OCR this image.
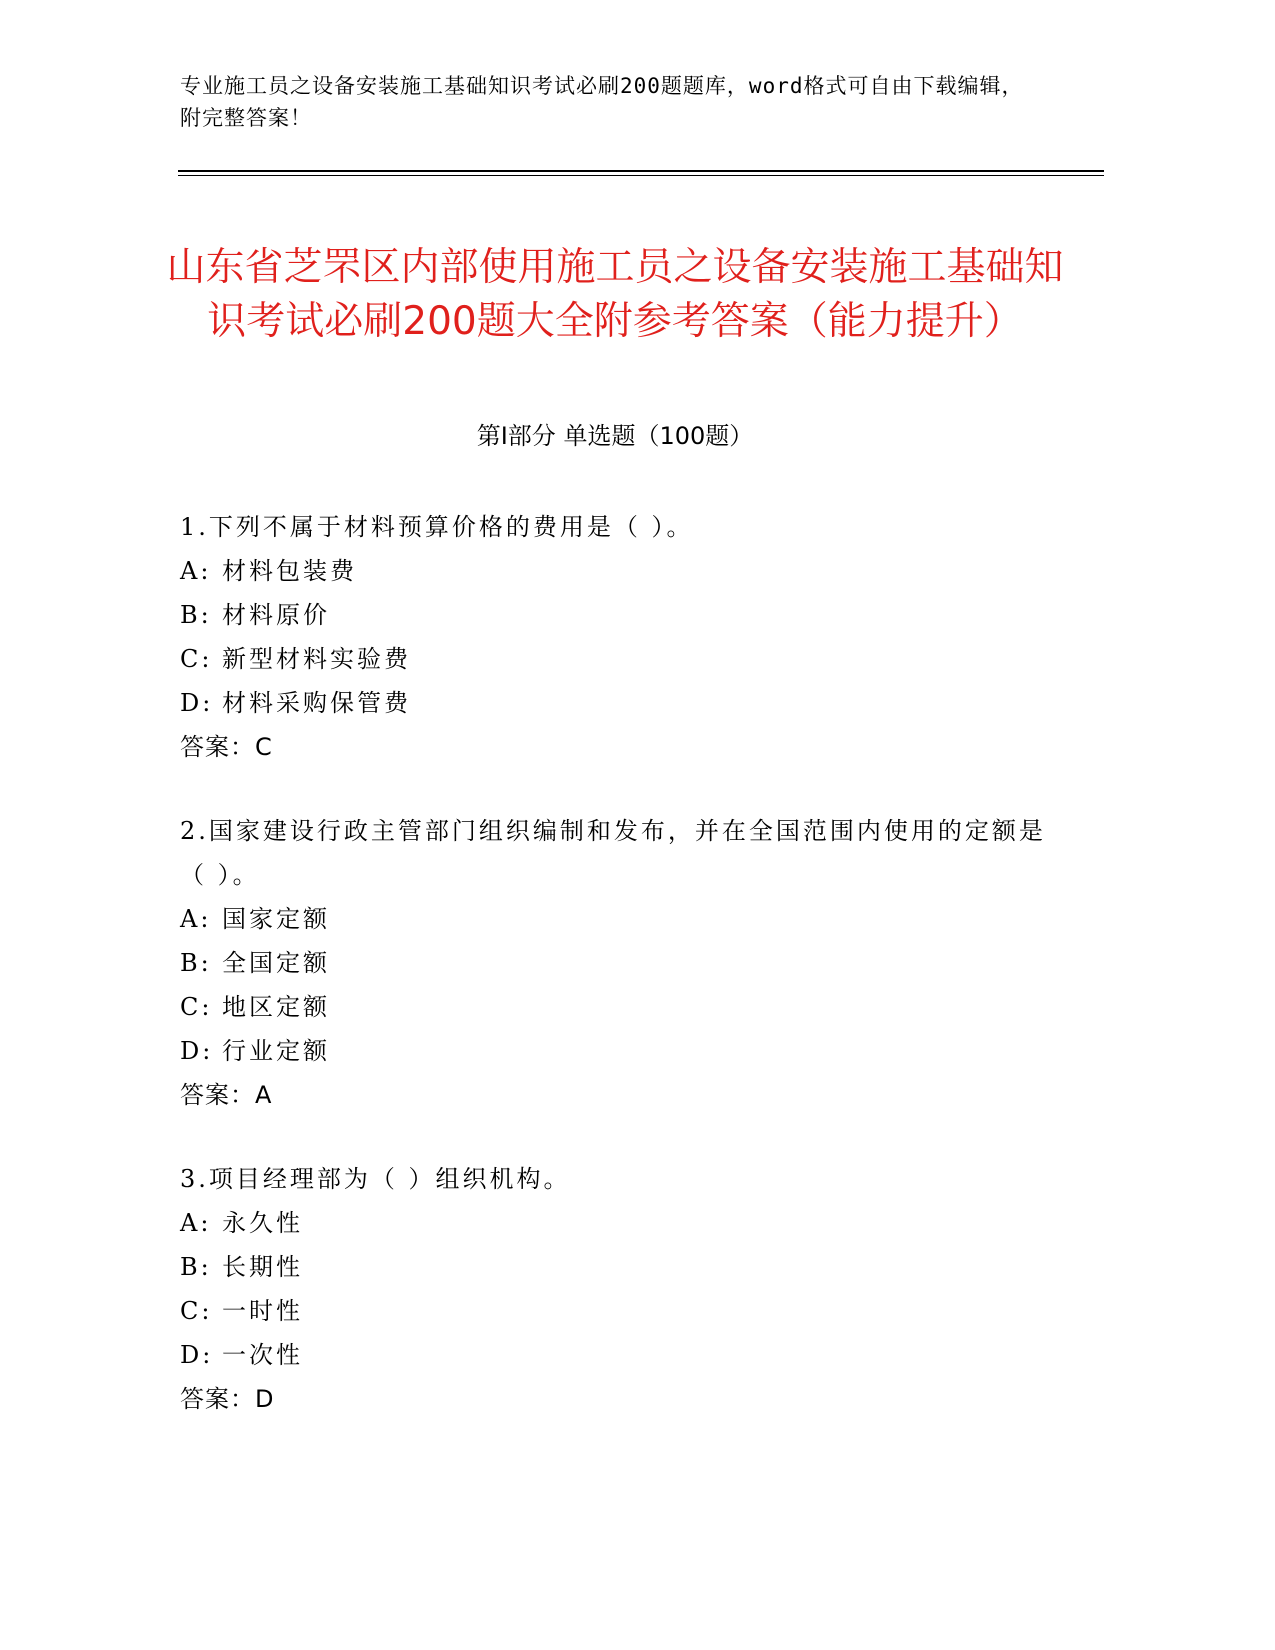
专业施工员之设备安装施工基础知识考试必刷200题题库，word格式可自由下载编辑，附完整答案！
山东省芝罘区内部使用施工员之设备安装施工基础知识考试必刷200题大全附参考答案（能力提升）
第Ⅰ部分 单选题（100题）
1.下列不属于材料预算价格的费用是（ ）。
A: 材料包装费
B: 材料原价
C: 新型材料实验费
D: 材料采购保管费
答案：C
2.国家建设行政主管部门组织编制和发布，并在全国范围内使用的定额是（ ）。
A: 国家定额
B: 全国定额
C: 地区定额
D: 行业定额
答案：A
3.项目经理部为（ ）组织机构。
A: 永久性
B: 长期性
C: 一时性
D: 一次性
答案：D
